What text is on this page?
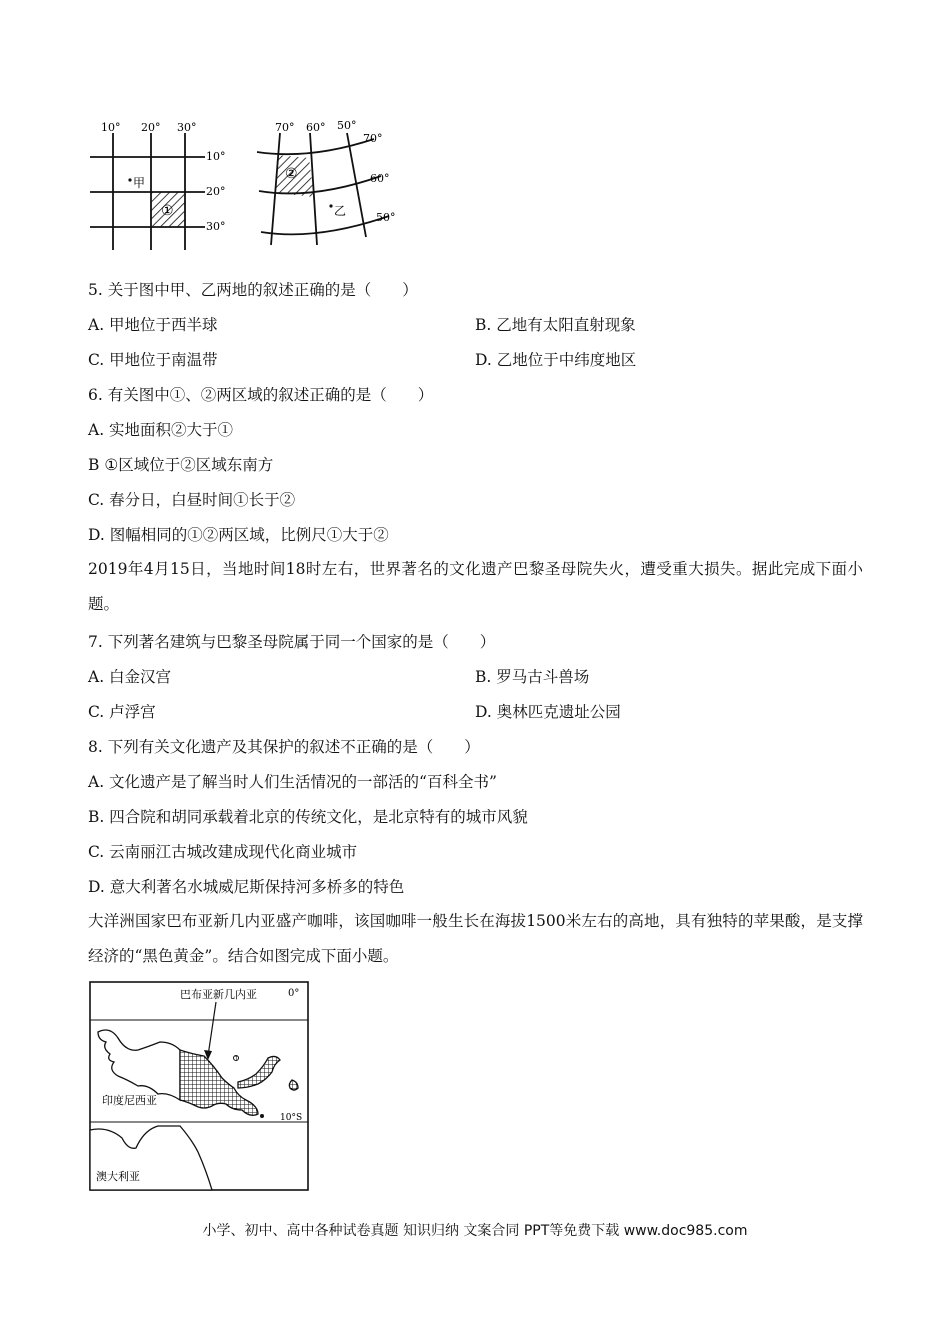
10° 20° 30°
10°
20°
30°
甲
①
70° 60° 50°
70°
60°
50°
②
乙
5. 关于图中甲、乙两地的叙述正确的是（　　）
A. 甲地位于西半球	B. 乙地有太阳直射现象
C. 甲地位于南温带	D. 乙地位于中纬度地区
6. 有关图中①、②两区域的叙述正确的是（　　）
A. 实地面积②大于①
B ①区域位于②区域东南方
C. 春分日，白昼时间①长于②
D. 图幅相同的①②两区域，比例尺①大于②
2019年4月15日，当地时间18时左右，世界著名的文化遗产巴黎圣母院失火，遭受重大损失。据此完成下面小题。
7. 下列著名建筑与巴黎圣母院属于同一个国家的是（　　）
A. 白金汉宫	B. 罗马古斗兽场
C. 卢浮宫	D. 奥林匹克遗址公园
8. 下列有关文化遗产及其保护的叙述不正确的是（　　）
A. 文化遗产是了解当时人们生活情况的一部活的“百科全书”
B. 四合院和胡同承载着北京的传统文化，是北京特有的城市风貌
C. 云南丽江古城改建成现代化商业城市
D. 意大利著名水城威尼斯保持河多桥多的特色
大洋洲国家巴布亚新几内亚盛产咖啡，该国咖啡一般生长在海拔1500米左右的高地，具有独特的苹果酸，是支撑经济的“黑色黄金”。结合如图完成下面小题。
0°
10°S
巴布亚新几内亚
印度尼西亚
澳大利亚
小学、初中、高中各种试卷真题 知识归纳 文案合同 PPT等免费下载 www.doc985.com
